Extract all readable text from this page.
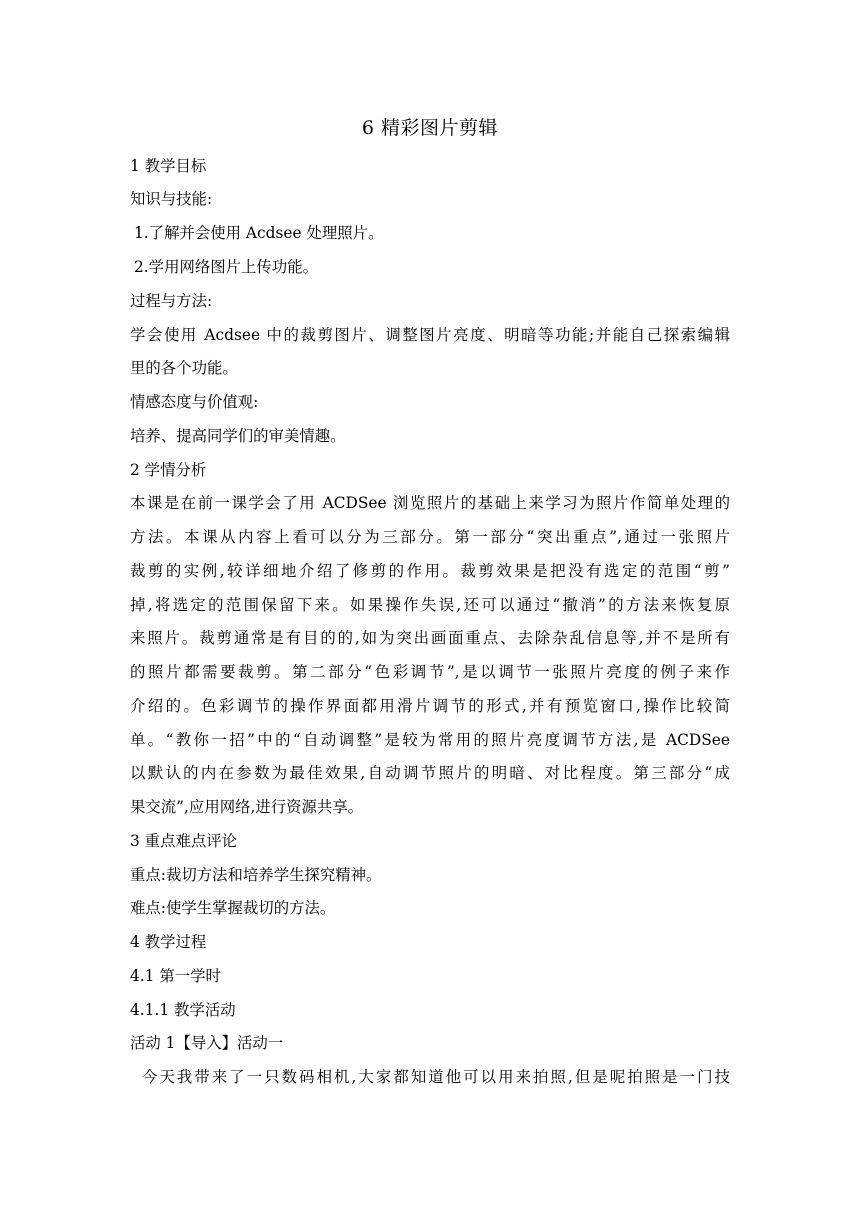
6 精彩图片剪辑
1 教学目标
知识与技能:
1.了解并会使用 Acdsee 处理照片。
2.学用网络图片上传功能。
过程与方法:
学会使用 Acdsee 中的裁剪图片、调整图片亮度、明暗等功能;并能自己探索编辑
里的各个功能。
情感态度与价值观:
培养、提高同学们的审美情趣。
2 学情分析
本课是在前一课学会了用 ACDSee 浏览照片的基础上来学习为照片作简单处理的
方法。本课从内容上看可以分为三部分。第一部分“突出重点”,通过一张照片
裁剪的实例,较详细地介绍了修剪的作用。裁剪效果是把没有选定的范围“剪”
掉,将选定的范围保留下来。如果操作失误,还可以通过“撤消”的方法来恢复原
来照片。裁剪通常是有目的的,如为突出画面重点、去除杂乱信息等,并不是所有
的照片都需要裁剪。第二部分“色彩调节”,是以调节一张照片亮度的例子来作
介绍的。色彩调节的操作界面都用滑片调节的形式,并有预览窗口,操作比较简
单。“教你一招”中的“自动调整”是较为常用的照片亮度调节方法,是 ACDSee
以默认的内在参数为最佳效果,自动调节照片的明暗、对比程度。第三部分“成
果交流”,应用网络,进行资源共享。
3 重点难点评论
重点:裁切方法和培养学生探究精神。
难点:使学生掌握裁切的方法。
4 教学过程
4.1 第一学时
4.1.1 教学活动
活动 1【导入】活动一
今天我带来了一只数码相机,大家都知道他可以用来拍照,但是呢拍照是一门技
